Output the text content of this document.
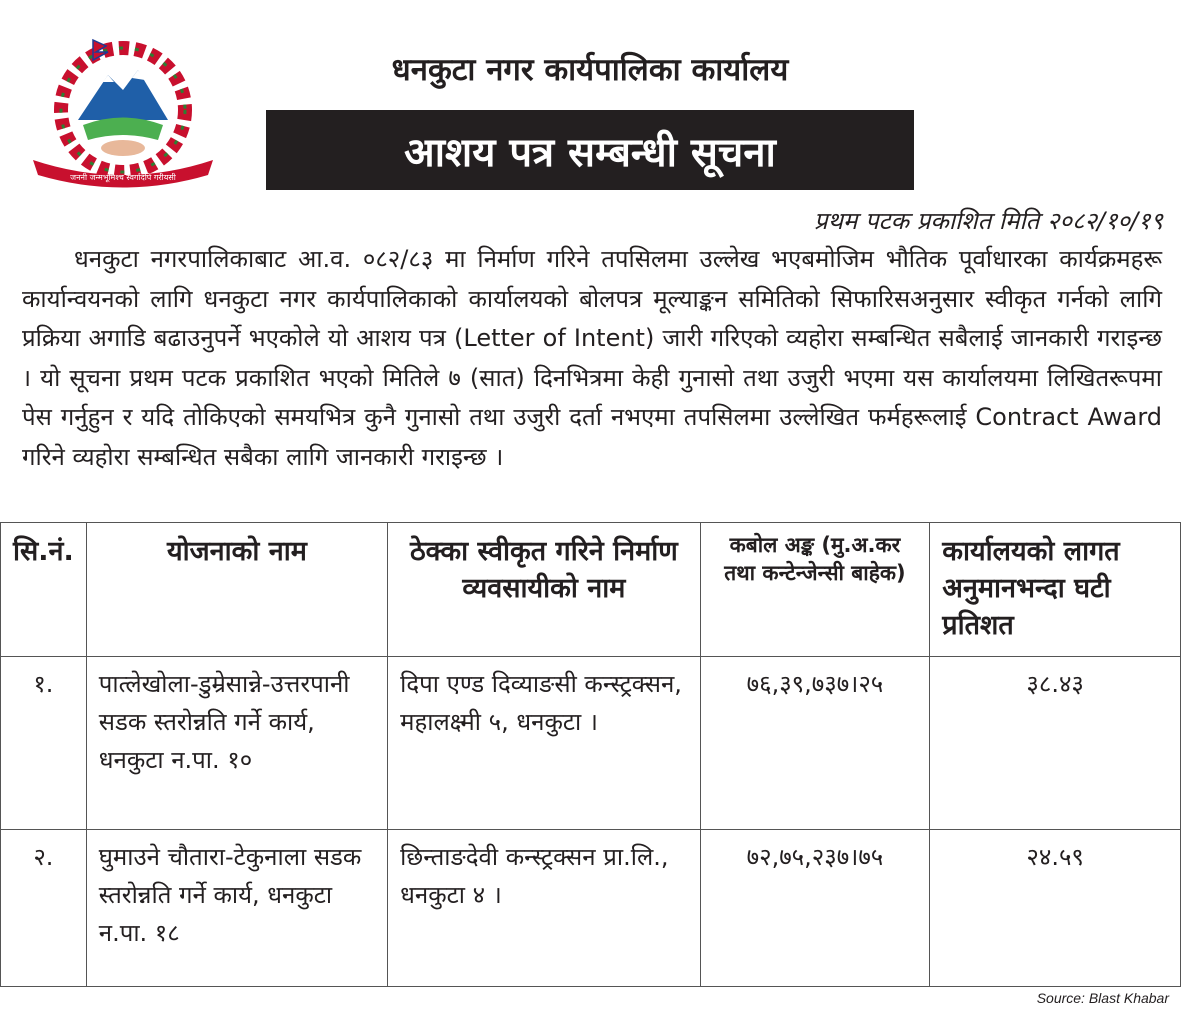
जननी जन्मभूमिश्च स्वर्गादपि गरीयसी
धनकुटा नगर कार्यपालिका कार्यालय
आशय पत्र सम्बन्धी सूचना
प्रथम पटक प्रकाशित मिति २०८२/१०/१९
धनकुटा नगरपालिकाबाट आ.व. ०८२/८३ मा निर्माण गरिने तपसिलमा उल्लेख भएबमोजिम भौतिक पूर्वाधारका कार्यक्रमहरू कार्यान्वयनको लागि धनकुटा नगर कार्यपालिकाको कार्यालयको बोलपत्र मूल्याङ्कन समितिको सिफारिसअनुसार स्वीकृत गर्नको लागि प्रक्रिया अगाडि बढाउनुपर्ने भएकोले यो आशय पत्र (Letter of Intent) जारी गरिएको व्यहोरा सम्बन्धित सबैलाई जानकारी गराइन्छ । यो सूचना प्रथम पटक प्रकाशित भएको मितिले ७ (सात) दिनभित्रमा केही गुनासो तथा उजुरी भएमा यस कार्यालयमा लिखितरूपमा पेस गर्नुहुन र यदि तोकिएको समयभित्र कुनै गुनासो तथा उजुरी दर्ता नभएमा तपसिलमा उल्लेखित फर्महरूलाई Contract Award गरिने व्यहोरा सम्बन्धित सबैका लागि जानकारी गराइन्छ ।
सि.नं.	योजनाको नाम	ठेक्का स्वीकृत गरिने निर्माण व्यवसायीको नाम	कबोल अङ्क (मु.अ.कर तथा कन्टेन्जेन्सी बाहेक)	कार्यालयको लागत अनुमानभन्दा घटी प्रतिशत
१.	पात्लेखोला-डुम्रेसान्ने-उत्तरपानी सडक स्तरोन्नति गर्ने कार्य, धनकुटा न.पा. १०	दिपा एण्ड दिव्याङसी कन्स्ट्रक्सन, महालक्ष्मी ५, धनकुटा ।	७६,३९,७३७।२५	३८.४३
२.	घुमाउने चौतारा-टेकुनाला सडक स्तरोन्नति गर्ने कार्य, धनकुटा न.पा. १८	छिन्ताङदेवी कन्स्ट्रक्सन प्रा.लि., धनकुटा ४ ।	७२,७५,२३७।७५	२४.५९
Source: Blast Khabar
